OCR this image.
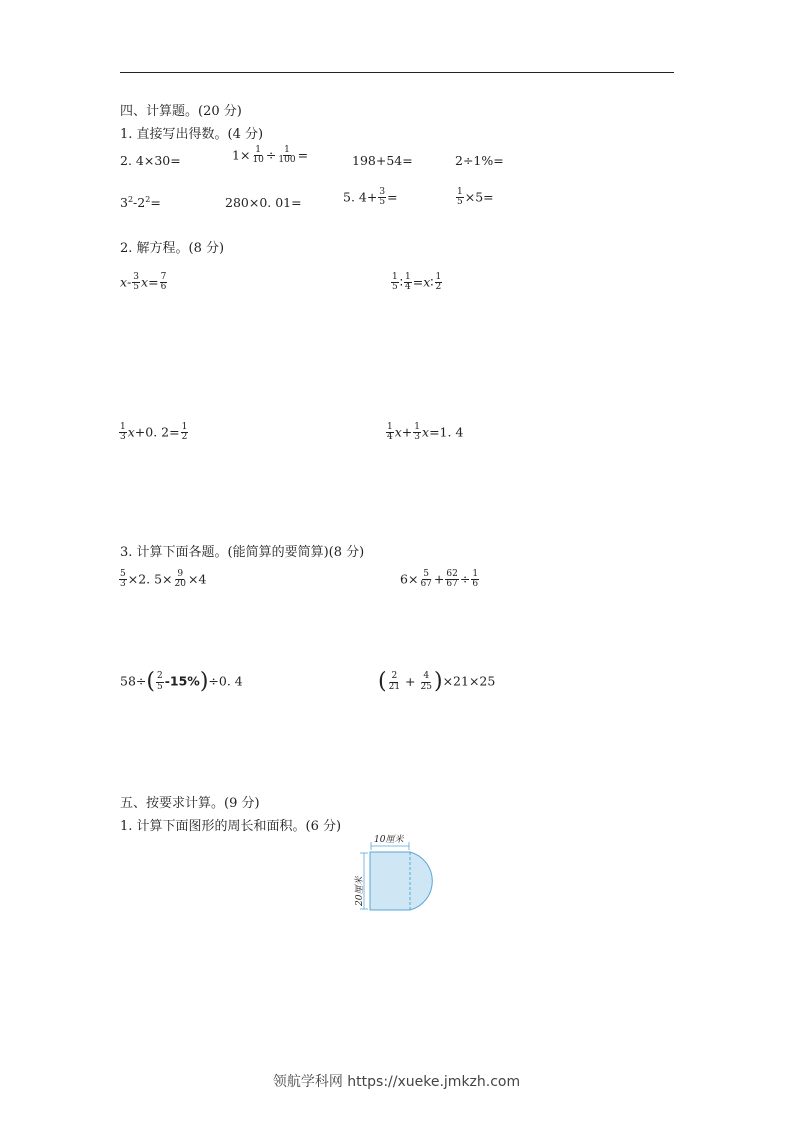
四、计算题。(20 分)
1. 直接写出得数。(4 分)
2. 4×30=	$1\times \frac{1}{10} \div \frac{1}{100}$ =	198+54=	2÷1%=
$3^2-2^2=$	280×0. 01=	5. $4+ \frac{3}{5}$ =	$\frac{1}{5} \times 5=$
2. 解方程。(8 分)
$x- \frac{3}{5} x= \frac{7}{6}$	$\frac{1}{5}$ ∶ $\frac{1}{4}$ =x∶ $\frac{1}{2}$
$\frac{1}{3} x+0$. $2= \frac{1}{2}$	$\frac{1}{4} x+ \frac{1}{3} x=1$. 4
3. 计算下面各题。(能简算的要简算)(8 分)
$\frac{5}{3} \times 2$. $5\times \frac{9}{20} \times 4$	$6\times \frac{5}{67} + \frac{62}{67} \div \frac{1}{6}$
$58\div( \frac{2}{5} -15\%)\div 0$. 4	( $\frac{2}{21} + \frac{4}{25} )\times 21\times 25$
五、按要求计算。(9 分)
1. 计算下面图形的周长和面积。(6 分)
10厘米
20厘米
领航学科网 https://xueke.jmkzh.com
